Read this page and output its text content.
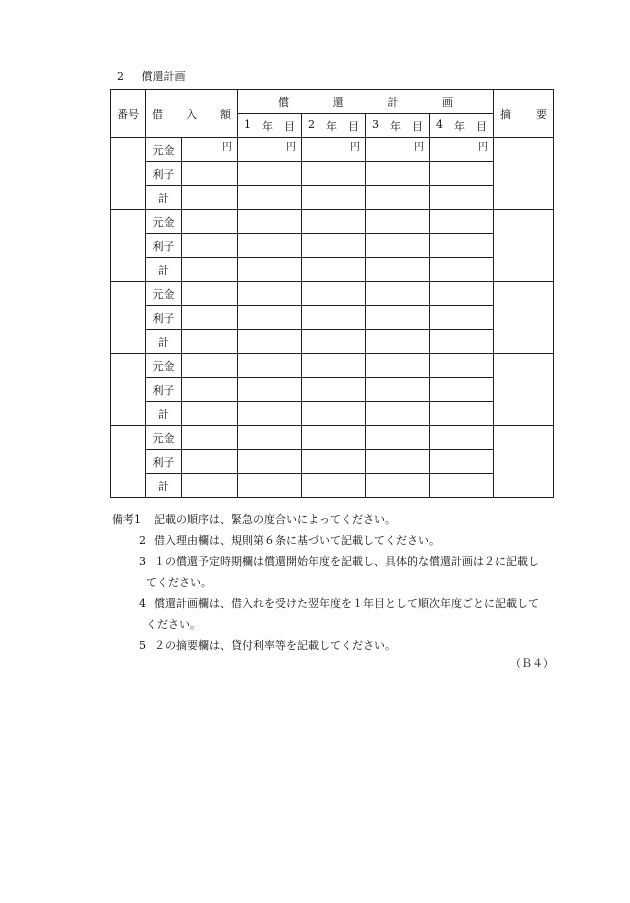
2 償還計画
番号	借 入 額		償 還 計 画				摘 要

			1 年 目	2 年 目	3 年 目	4 年 目	

	元金	円	円	円	円	円	
	利子						
	計						
	元金						
	利子						
	計						
	元金						
	利子						
	計						
	元金						
	利子						
	計						
	元金						
	利子						
	計						
備考1	記載の順序は、緊急の度合いによってください。
2 借入理由欄は、規則第６条に基づいて記載してください。
3 １の償還予定時期欄は償還開始年度を記載し、具体的な償還計画は２に記載し
てください。
4 償還計画欄は、借入れを受けた翌年度を１年目として順次年度ごとに記載して
ください。
5 ２の摘要欄は、貸付利率等を記載してください。
（Ｂ４）
